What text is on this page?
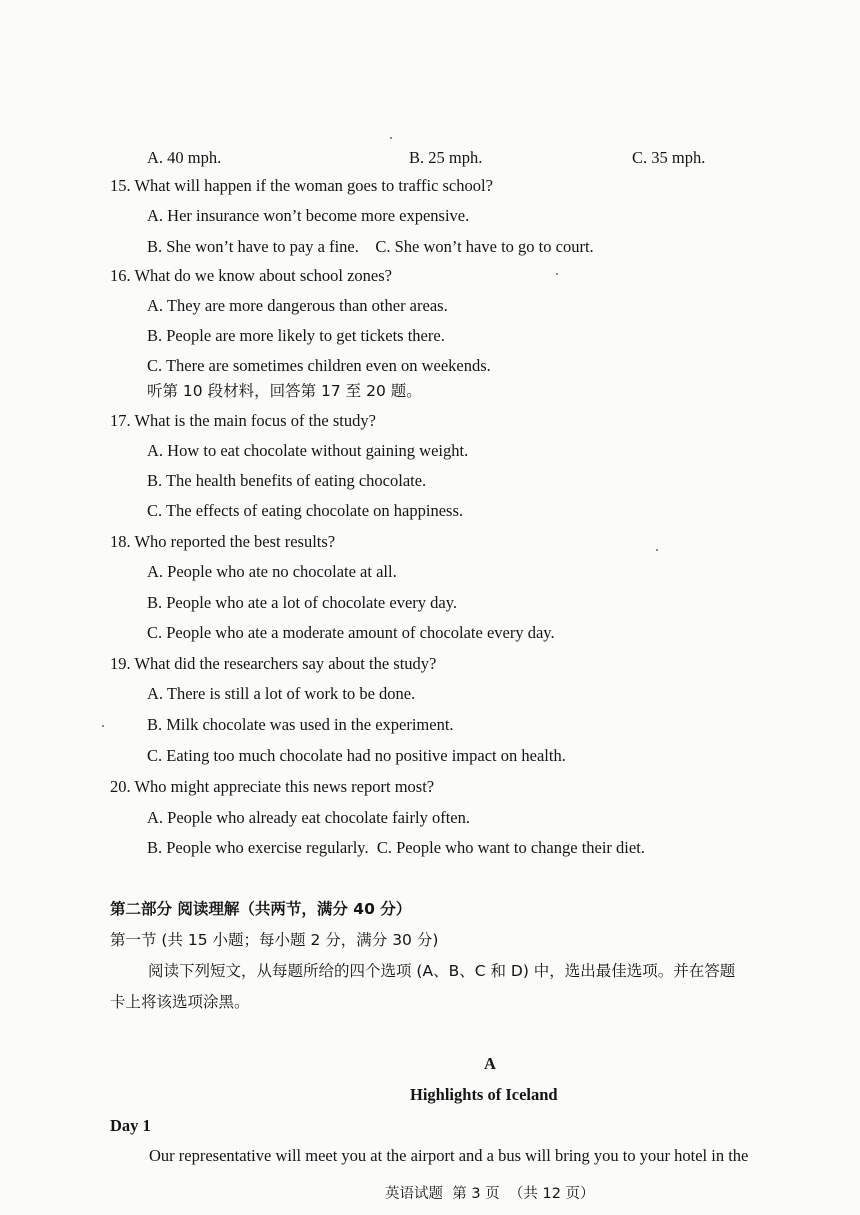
A. 40 mph.	B. 25 mph.	C. 35 mph.
15. What will happen if the woman goes to traffic school?
A. Her insurance won’t become more expensive.
B. She won’t have to pay a fine.    C. She won’t have to go to court.
16. What do we know about school zones?
A. They are more dangerous than other areas.
B. People are more likely to get tickets there.
C. There are sometimes children even on weekends.
听第 10 段材料，回答第 17 至 20 题。
17. What is the main focus of the study?
A. How to eat chocolate without gaining weight.
B. The health benefits of eating chocolate.
C. The effects of eating chocolate on happiness.
18. Who reported the best results?
A. People who ate no chocolate at all.
B. People who ate a lot of chocolate every day.
C. People who ate a moderate amount of chocolate every day.
19. What did the researchers say about the study?
A. There is still a lot of work to be done.
B. Milk chocolate was used in the experiment.
C. Eating too much chocolate had no positive impact on health.
20. Who might appreciate this news report most?
A. People who already eat chocolate fairly often.
B. People who exercise regularly.  C. People who want to change their diet.
第二部分 阅读理解（共两节，满分 40 分）
第一节 (共 15 小题；每小题 2 分，满分 30 分)
阅读下列短文，从每题所给的四个选项 (A、B、C 和 D) 中，选出最佳选项。并在答题
卡上将该选项涂黑。
A
Highlights of Iceland
Day 1
Our representative will meet you at the airport and a bus will bring you to your hotel in the
英语试题  第 3 页  （共 12 页）
